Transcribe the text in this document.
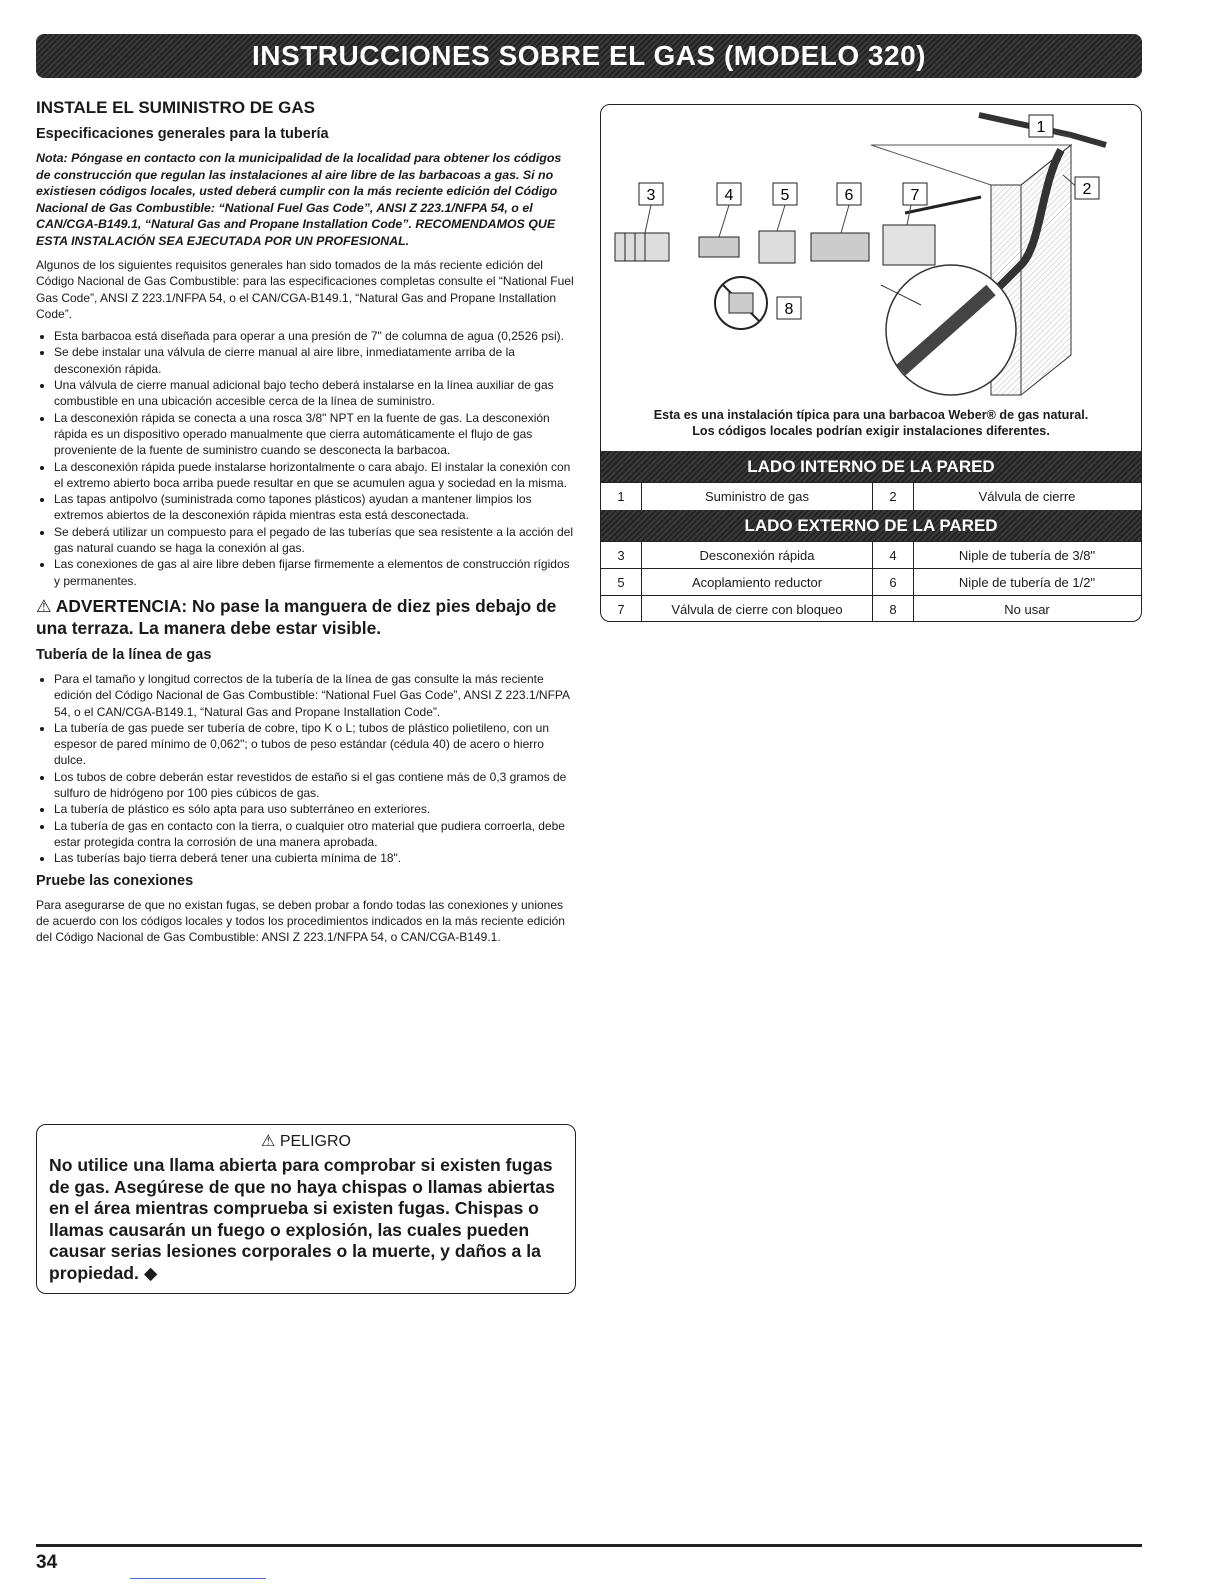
INSTRUCCIONES SOBRE EL GAS (MODELO 320)
INSTALE EL SUMINISTRO DE GAS
Especificaciones generales para la tubería

Nota: Póngase en contacto con la municipalidad de la localidad para obtener los códigos de construcción que regulan las instalaciones al aire libre de las barbacoas a gas. Si no existiesen códigos locales, usted deberá cumplir con la más reciente edición del Código Nacional de Gas Combustible: “National Fuel Gas Code”, ANSI Z 223.1/NFPA 54, o el CAN/CGA-B149.1, “Natural Gas and Propane Installation Code”. RECOMENDAMOS QUE ESTA INSTALACIÓN SEA EJECUTADA POR UN PROFESIONAL.

Algunos de los siguientes requisitos generales han sido tomados de la más reciente edición del Código Nacional de Gas Combustible: para las especificaciones completas consulte el “National Fuel Gas Code”, ANSI Z 223.1/NFPA 54, o el CAN/CGA-B149.1, “Natural Gas and Propane Installation Code”.

• Esta barbacoa está diseñada para operar a una presión de 7" de columna de agua (0,2526 psi).
• Se debe instalar una válvula de cierre manual al aire libre, inmediatamente arriba de la desconexión rápida.
• Una válvula de cierre manual adicional bajo techo deberá instalarse en la línea auxiliar de gas combustible en una ubicación accesible cerca de la línea de suministro.
• La desconexión rápida se conecta a una rosca 3/8" NPT en la fuente de gas. La desconexión rápida es un dispositivo operado manualmente que cierra automáticamente el flujo de gas proveniente de la fuente de suministro cuando se desconecta la barbacoa.
• La desconexión rápida puede instalarse horizontalmente o cara abajo. El instalar la conexión con el extremo abierto boca arriba puede resultar en que se acumulen agua y sociedad en la misma.
• Las tapas antipolvo (suministrada como tapones plásticos) ayudan a mantener limpios los extremos abiertos de la desconexión rápida mientras esta está desconectada.
• Se deberá utilizar un compuesto para el pegado de las tuberías que sea resistente a la acción del gas natural cuando se haga la conexión al gas.
• Las conexiones de gas al aire libre deben fijarse firmemente a elementos de construcción rígidos y permanentes.
⚠ ADVERTENCIA: No pase la manguera de diez pies debajo de una terraza. La manera debe estar visible.
Tubería de la línea de gas
• Para el tamaño y longitud correctos de la tubería de la línea de gas consulte la más reciente edición del Código Nacional de Gas Combustible: “National Fuel Gas Code”, ANSI Z 223.1/NFPA 54, o el CAN/CGA-B149.1, “Natural Gas and Propane Installation Code”.
• La tubería de gas puede ser tubería de cobre, tipo K o L; tubos de plástico polietileno, con un espesor de pared mínimo de 0,062"; o tubos de peso estándar (cédula 40) de acero o hierro dulce.
• Los tubos de cobre deberán estar revestidos de estaño si el gas contiene más de 0,3 gramos de sulfuro de hidrógeno por 100 pies cúbicos de gas.
• La tubería de plástico es sólo apta para uso subterráneo en exteriores.
• La tubería de gas en contacto con la tierra, o cualquier otro material que pudiera corroerla, debe estar protegida contra la corrosión de una manera aprobada.
• Las tuberías bajo tierra deberá tener una cubierta mínima de 18".
Pruebe las conexiones

Para asegurarse de que no existan fugas, se deben probar a fondo todas las conexiones y uniones de acuerdo con los códigos locales y todos los procedimientos indicados en la más reciente edición del Código Nacional de Gas Combustible: ANSI Z 223.1/NFPA 54, o CAN/CGA-B149.1.

⚠ PELIGRO
No utilice una llama abierta para comprobar si existen fugas de gas. Asegúrese de que no haya chispas o llamas abiertas en el área mientras comprueba si existen fugas. Chispas o llamas causarán un fuego o explosión, las cuales pueden causar serias lesiones corporales o la muerte, y daños a la propiedad. ◆
1
2
3	4	5	6	7
8
Esta es una instalación típica para una barbacoa Weber® de gas natural.
Los códigos locales podrían exigir instalaciones diferentes.
LADO INTERNO DE LA PARED
1	Suministro de gas	2	Válvula de cierre
LADO EXTERNO DE LA PARED
3	Desconexión rápida	4	Niple de tubería de 3/8"
5	Acoplamiento reductor	6	Niple de tubería de 1/2"
7	Válvula de cierre con bloqueo	8	No usar
34
